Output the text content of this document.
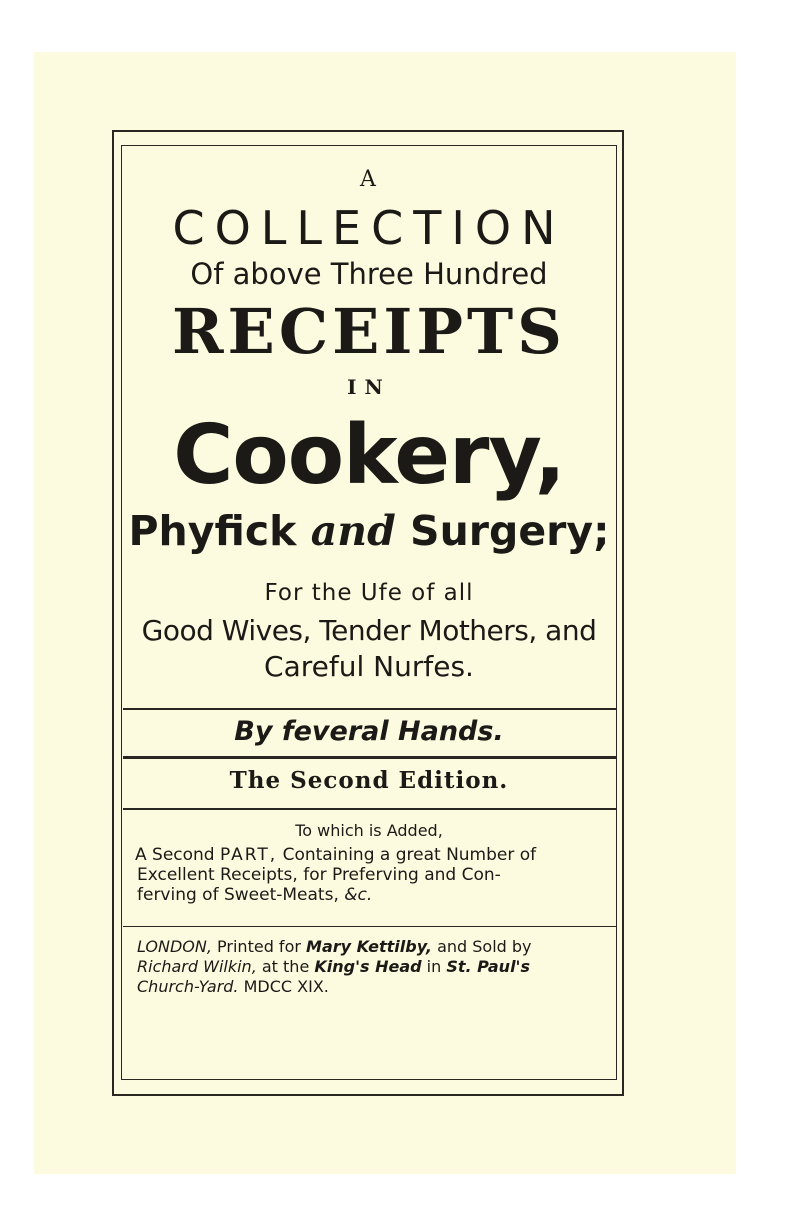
A
COLLECTION
Of above Three Hundred
RECEIPTS
IN
Cookery,
Phyfick and Surgery;
For the Ufe of all
Good Wives, Tender Mothers, and
Careful Nurfes.
By feveral Hands.
The Second Edition.
To which is Added,
A Second PART, Containing a great Number of
Excellent Receipts, for Preferving and Con-
ferving of Sweet-Meats, &c.
LONDON, Printed for Mary Kettilby, and Sold by
Richard Wilkin, at the King's Head in St. Paul's
Church-Yard. MDCC XIX.
